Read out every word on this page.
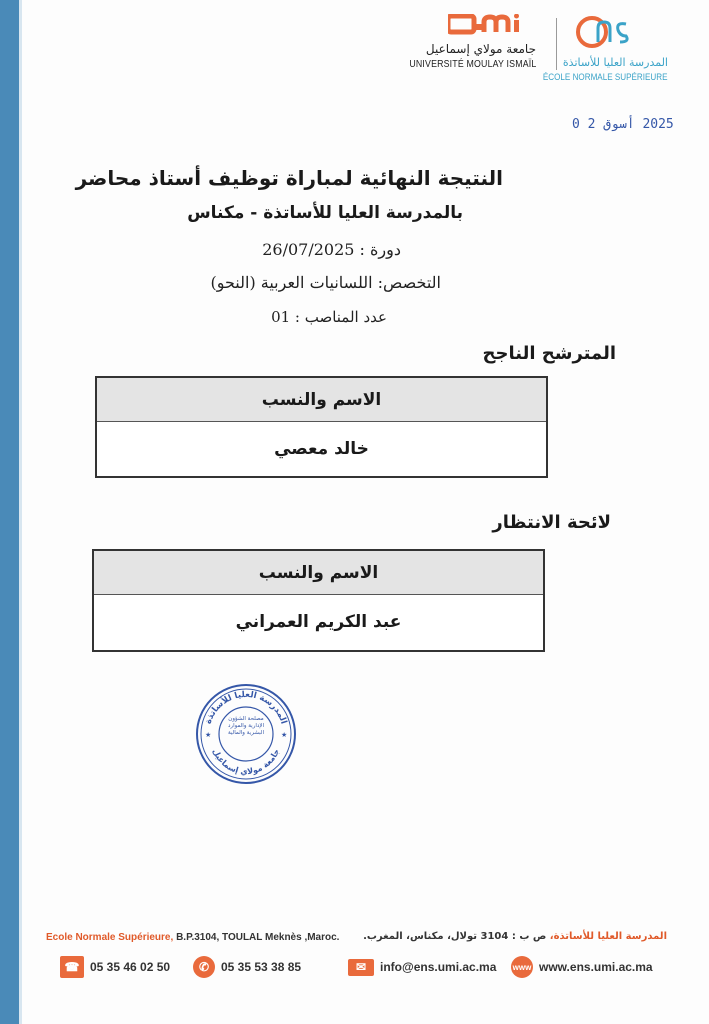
جامعة مولاي إسماعيل
UNIVERSITÉ MOULAY ISMAÏL المدرسة العليا للأساتذة
ÉCOLE NORMALE SUPÉRIEURE
2025 أسوق 2 0
النتيجة النهائية لمباراة توظيف أستاذ محاضر
بالمدرسة العليا للأساتذة - مكناس
دورة : 26/07/2025
التخصص: اللسانيات العربية (النحو)
عدد المناصب : 01
المترشح الناجح
الاسم والنسب
خالد معصي
لائحة الانتظار
الاسم والنسب
عبد الكريم العمراني
المدرسة العليا للأساتذة
جامعة مولاي إسماعيل
★	★
مصلحة الشؤون الإدارية والموارد البشرية والمالية
Ecole Normale Supérieure, B.P.3104, TOULAL Meknès ,Maroc.	المدرسة العليا للأساتذة، ص ب : 3104 تولال، مكناس، المغرب.
☎ 05 35 46 02 50	✆ 05 35 53 38 85	✉	info@ens.umi.ac.ma www www.ens.umi.ac.ma
